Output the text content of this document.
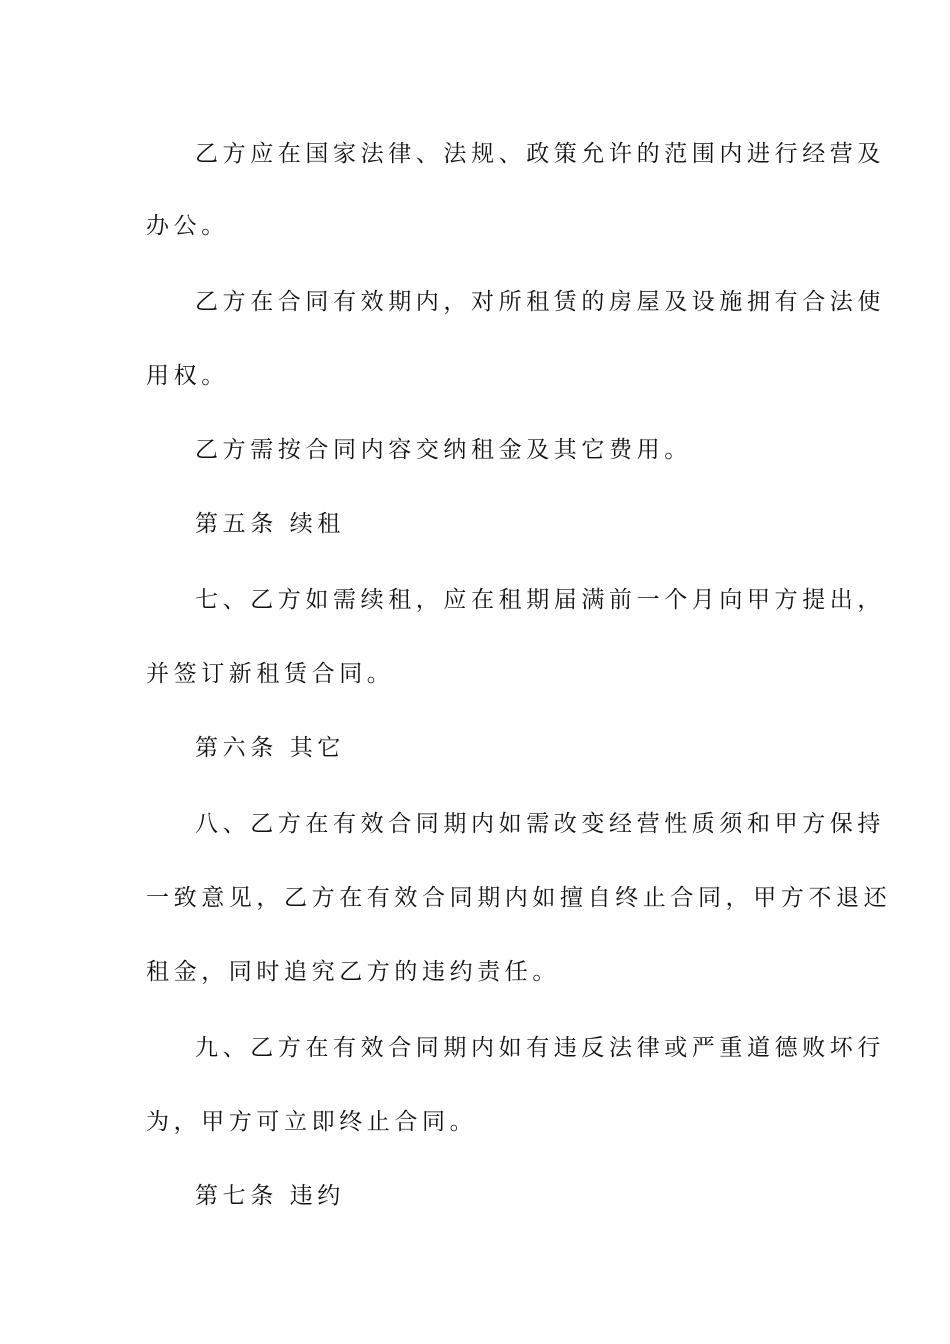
乙方应在国家法律、法规、政策允许的范围内进行经营及
办公。
乙方在合同有效期内，对所租赁的房屋及设施拥有合法使
用权。
乙方需按合同内容交纳租金及其它费用。
第五条 续租
七、乙方如需续租，应在租期届满前一个月向甲方提出，
并签订新租赁合同。
第六条 其它
八、乙方在有效合同期内如需改变经营性质须和甲方保持
一致意见，乙方在有效合同期内如擅自终止合同，甲方不退还
租金，同时追究乙方的违约责任。
九、乙方在有效合同期内如有违反法律或严重道德败坏行
为，甲方可立即终止合同。
第七条 违约
